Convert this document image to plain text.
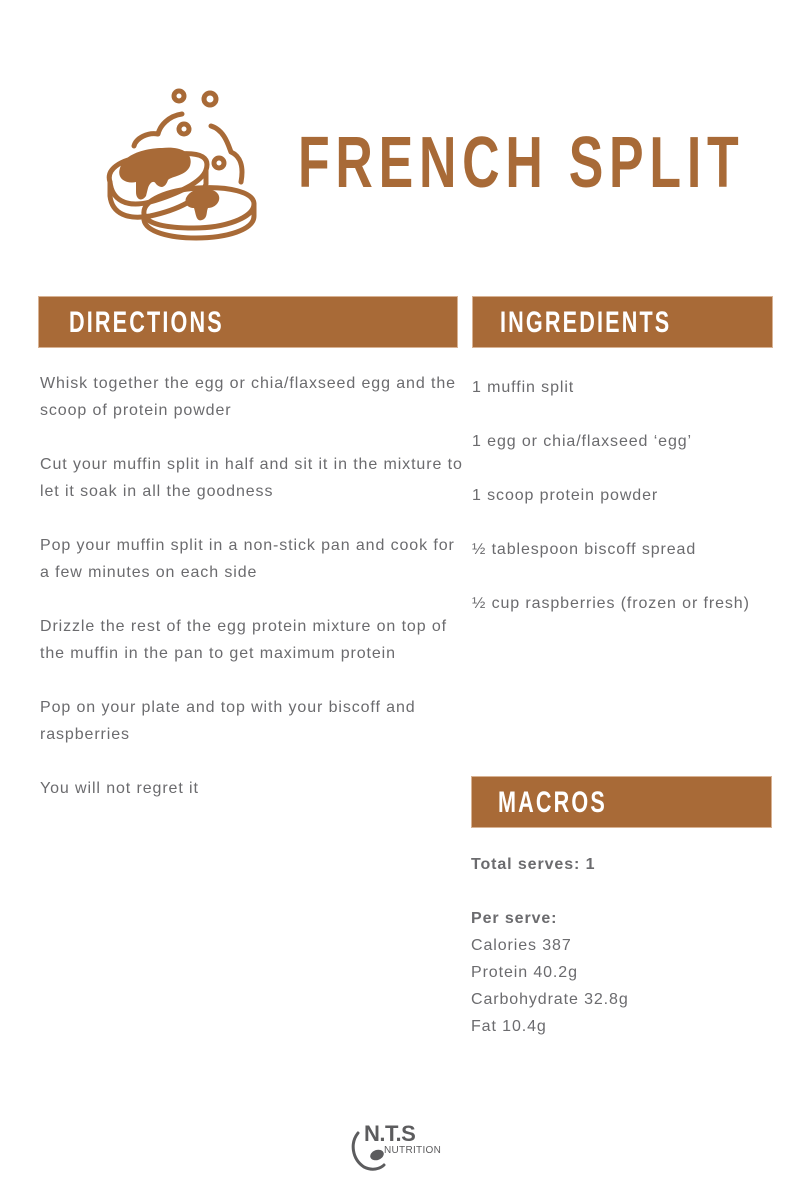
FRENCH SPLIT
DIRECTIONS	INGREDIENTS

Whisk together the egg or chia/flaxseed egg and the scoop of protein powder

Cut your muffin split in half and sit it in the mixture to let it soak in all the goodness

Pop your muffin split in a non-stick pan and cook for a few minutes on each side

Drizzle the rest of the egg protein mixture on top of the muffin in the pan to get maximum protein

Pop on your plate and top with your biscoff and raspberries

You will not regret it

1 muffin split

1 egg or chia/flaxseed ‘egg’

1 scoop protein powder

½ tablespoon biscoff spread

½ cup raspberries (frozen or fresh)

MACROS
Total serves: 1
Per serve:
Calories 387
Protein 40.2g
Carbohydrate 32.8g
Fat 10.4g
N.T.S
NUTRITION
